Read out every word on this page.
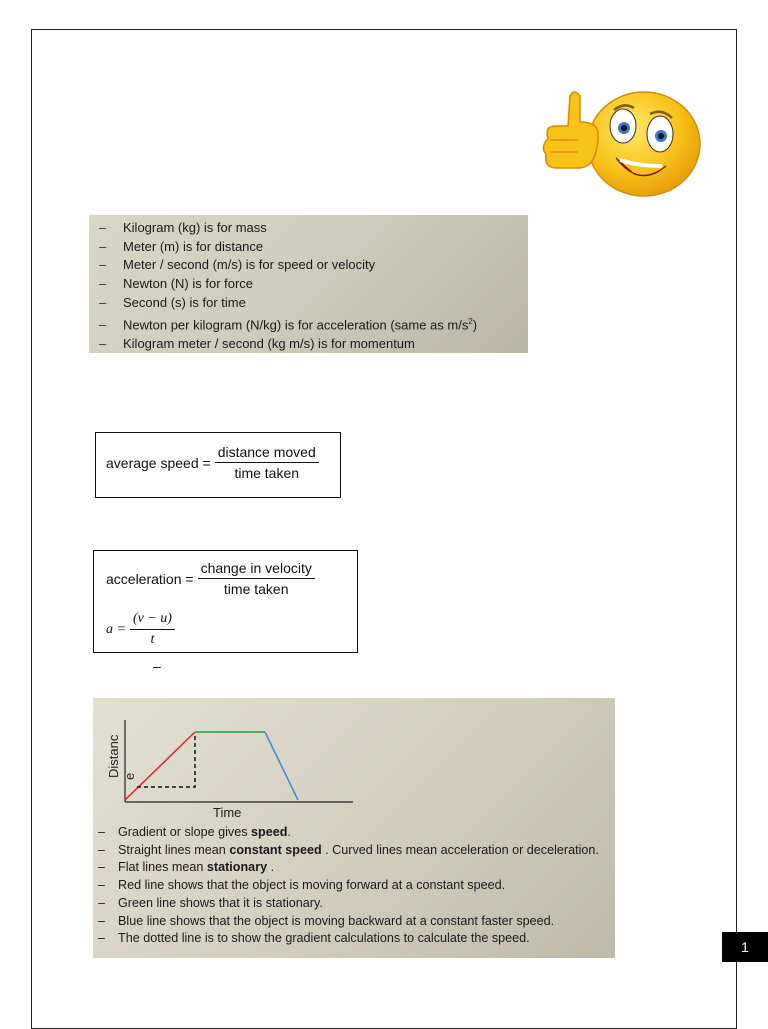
– Kilogram (kg) is for mass
– Meter (m) is for distance
– Meter / second (m/s) is for speed or velocity
– Newton (N) is for force
– Second (s) is for time
– Newton per kilogram (N/kg) is for acceleration (same as $m/s^2$)
– Kilogram meter / second (kg m/s) is for momentum
average speed = $\frac{\text{distance moved}}{\text{time taken}}$
acceleration = $\frac{\text{change in velocity}}{\text{time taken}}$
$a = \frac{(v - u)}{t}$
–
Distanc e
Time
– Gradient or slope gives speed.
– Straight lines mean constant speed . Curved lines mean acceleration or deceleration.
– Flat lines mean stationary .
– Red line shows that the object is moving forward at a constant speed.
– Green line shows that it is stationary.
– Blue line shows that the object is moving backward at a constant faster speed.
– The dotted line is to show the gradient calculations to calculate the speed.
1
